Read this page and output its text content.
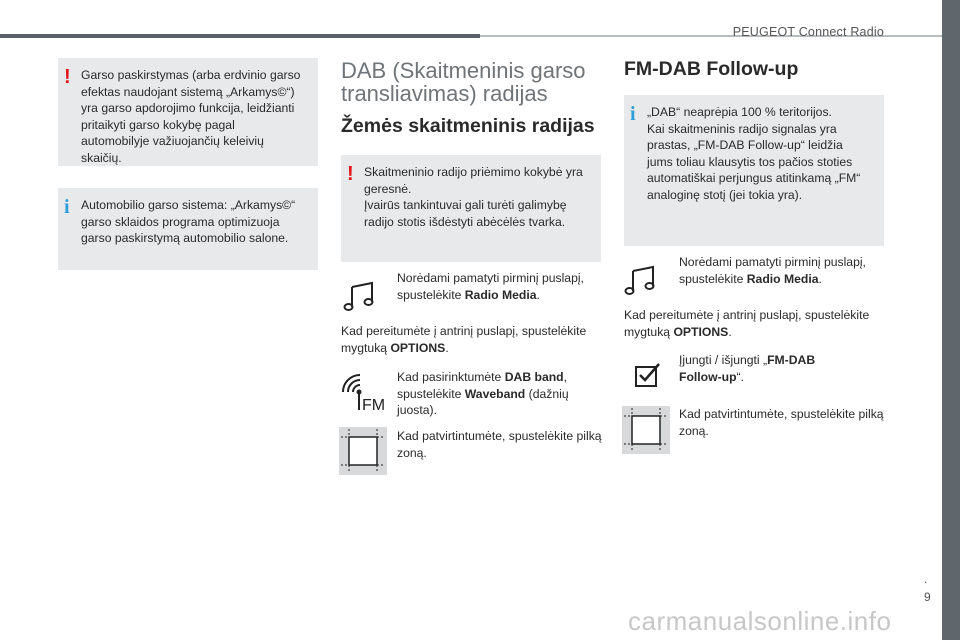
PEUGEOT Connect Radio
.
9
! Garso paskirstymas (arba erdvinio garso efektas naudojant sistemą „Arkamys©“) yra garso apdorojimo funkcija, leidžianti pritaikyti garso kokybę pagal automobilyje važiuojančių keleivių skaičių.
i Automobilio garso sistema: „Arkamys©“ garso sklaidos programa optimizuoja garso paskirstymą automobilio salone.
DAB (Skaitmeninis garso transliavimas) radijas
Žemės skaitmeninis radijas
! Skaitmeninio radijo priėmimo kokybė yra geresnė.
Įvairūs tankintuvai gali turėti galimybę radijo stotis išdėstyti abėcėlės tvarka.
Norėdami pamatyti pirminį puslapį, spustelėkite Radio Media.
Kad pereitumėte į antrinį puslapį, spustelėkite mygtuką OPTIONS.
FM
Kad pasirinktumėte DAB band, spustelėkite Waveband (dažnių juosta).
Kad patvirtintumėte, spustelėkite pilką zoną.
FM-DAB Follow-up
i „DAB“ neaprėpia 100 % teritorijos.
Kai skaitmeninis radijo signalas yra prastas, „FM-DAB Follow-up“ leidžia jums toliau klausytis tos pačios stoties automatiškai perjungus atitinkamą „FM“ analoginę stotį (jei tokia yra).
Norėdami pamatyti pirminį puslapį, spustelėkite Radio Media.
Kad pereitumėte į antrinį puslapį, spustelėkite mygtuką OPTIONS.
Įjungti / išjungti „FM-DAB Follow-up“.
Kad patvirtintumėte, spustelėkite pilką zoną.
carmanualsonline.info
